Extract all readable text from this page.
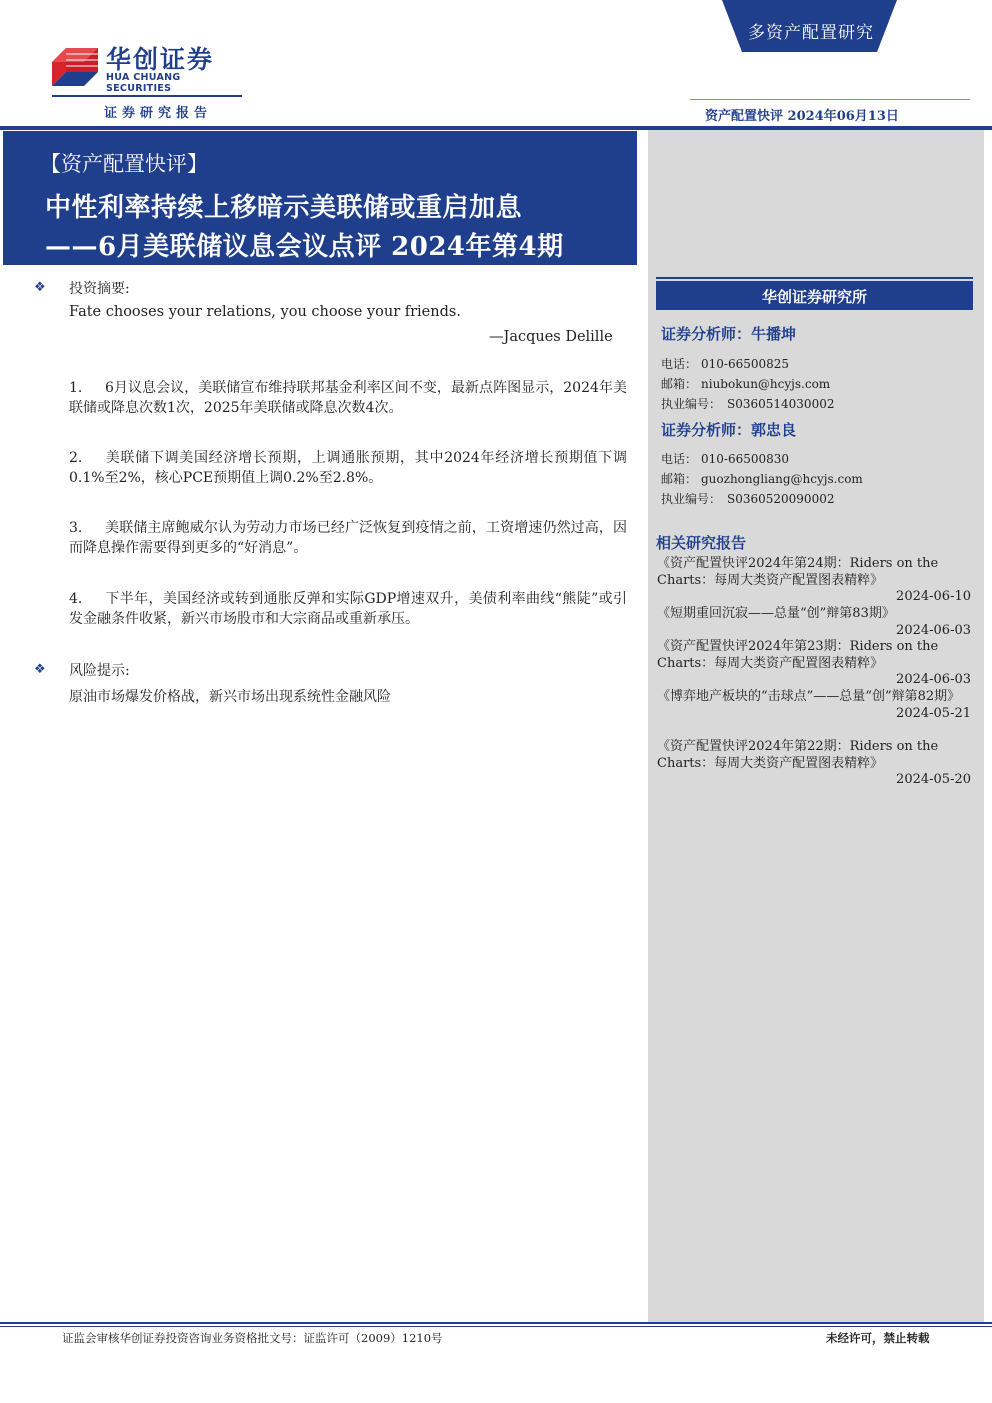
华创证券
HUA CHUANG SECURITIES
证券研究报告
多资产配置研究
资产配置快评 2024年06月13日
【资产配置快评】
中性利率持续上移暗示美联储或重启加息
——6月美联储议息会议点评 2024年第4期
华创证券研究所
证券分析师：牛播坤
电话： 010-66500825
邮箱： niubokun@hcyjs.com
执业编号： S0360514030002
证券分析师：郭忠良
电话： 010-66500830
邮箱： guozhongliang@hcyjs.com
执业编号： S0360520090002
相关研究报告
《资产配置快评2024年第24期：Riders on the Charts：每周大类资产配置图表精粹》
2024-06-10
《短期重回沉寂——总量“创”辩第83期》
2024-06-03
《资产配置快评2024年第23期：Riders on the Charts：每周大类资产配置图表精粹》
2024-06-03
《博弈地产板块的“击球点”——总量“创”辩第82期》
2024-05-21
《资产配置快评2024年第22期：Riders on the Charts：每周大类资产配置图表精粹》
2024-05-20
❖ 投资摘要:
Fate chooses your relations, you choose your friends.
—Jacques Delille
1. 6月议息会议，美联储宣布维持联邦基金利率区间不变，最新点阵图显示，2024年美联储或降息次数1次，2025年美联储或降息次数4次。
2. 美联储下调美国经济增长预期，上调通胀预期，其中2024年经济增长预期值下调0.1%至2%，核心PCE预期值上调0.2%至2.8%。
3. 美联储主席鲍威尔认为劳动力市场已经广泛恢复到疫情之前，工资增速仍然过高，因而降息操作需要得到更多的“好消息”。
4. 下半年，美国经济或转到通胀反弹和实际GDP增速双升，美债利率曲线“熊陡”或引发金融条件收紧，新兴市场股市和大宗商品或重新承压。
❖ 风险提示:
原油市场爆发价格战，新兴市场出现系统性金融风险
证监会审核华创证券投资咨询业务资格批文号：证监许可（2009）1210号	未经许可，禁止转载
